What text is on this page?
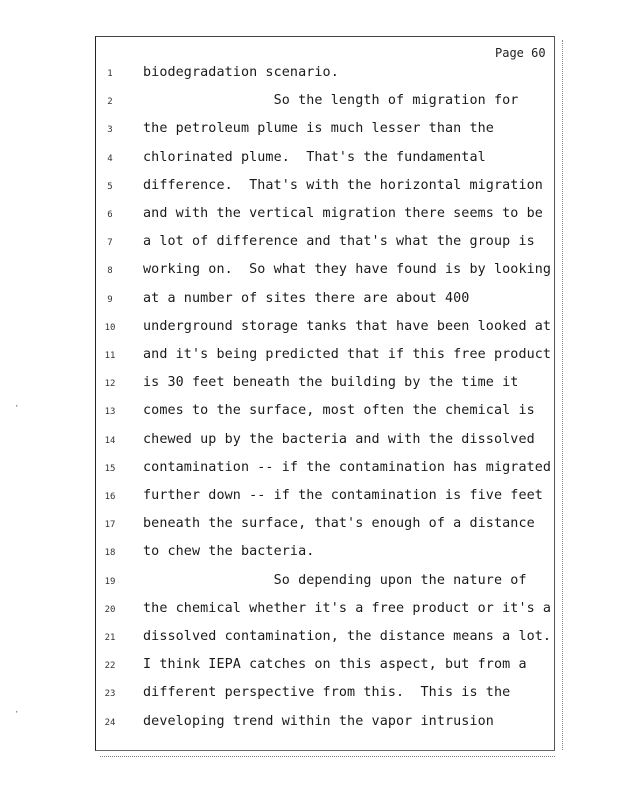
Page 60
1	biodegradation scenario.
2	So the length of migration for
3	the petroleum plume is much lesser than the
4	chlorinated plume.  That's the fundamental
5	difference.  That's with the horizontal migration
6	and with the vertical migration there seems to be
7	a lot of difference and that's what the group is
8	working on.  So what they have found is by looking
9	at a number of sites there are about 400
10	underground storage tanks that have been looked at
11	and it's being predicted that if this free product
12	is 30 feet beneath the building by the time it
13	comes to the surface, most often the chemical is
14	chewed up by the bacteria and with the dissolved
15	contamination -- if the contamination has migrated
16	further down -- if the contamination is five feet
17	beneath the surface, that's enough of a distance
18	to chew the bacteria.
19	So depending upon the nature of
20	the chemical whether it's a free product or it's a
21	dissolved contamination, the distance means a lot.
22	I think IEPA catches on this aspect, but from a
23	different perspective from this.  This is the
24	developing trend within the vapor intrusion
·
·
